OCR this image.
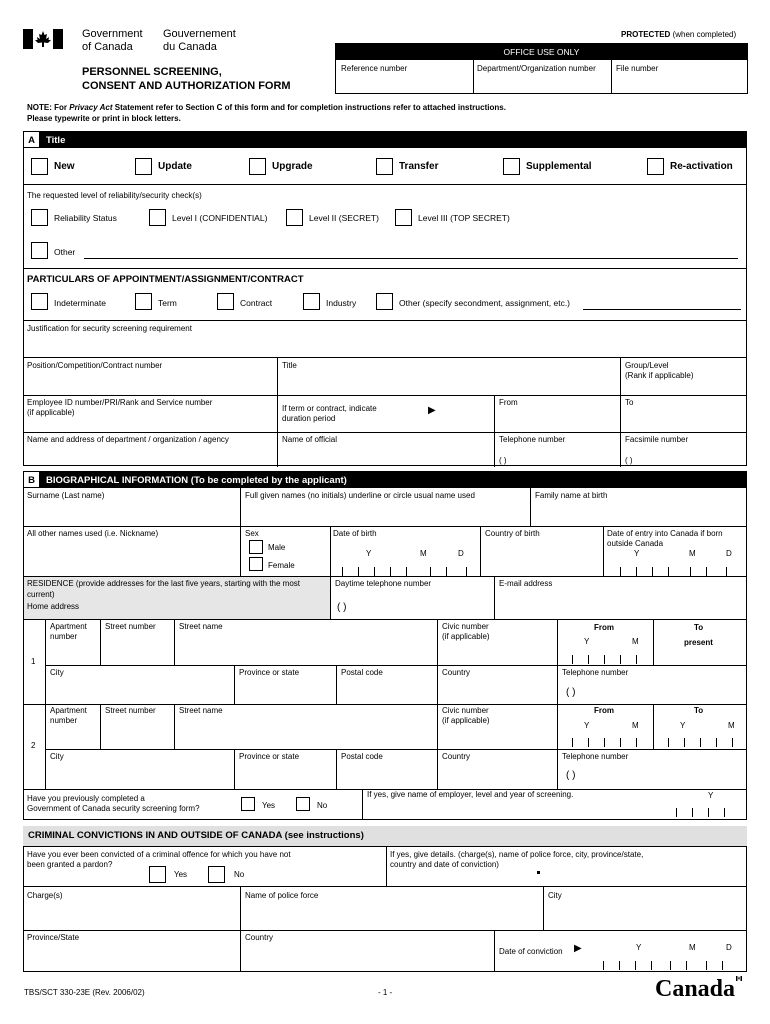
Government
of Canada
Gouvernement
du Canada
PERSONNEL SCREENING,
CONSENT AND AUTHORIZATION FORM
PROTECTED (when completed)
OFFICE USE ONLY
Reference number	Department/Organization number	File number
NOTE: For Privacy Act Statement refer to Section C of this form and for completion instructions refer to attached instructions.
Please typewrite or print in block letters.
A Title
New	Update	Upgrade	Transfer	Supplemental	Re-activation
The requested level of reliability/security check(s)
Reliability Status	Level I (CONFIDENTIAL)	Level II (SECRET)	Level III (TOP SECRET)
Other
PARTICULARS OF APPOINTMENT/ASSIGNMENT/CONTRACT
Indeterminate	Term	Contract	Industry	Other (specify secondment, assignment, etc.)
Justification for security screening requirement
Position/Competition/Contract number	Title	Group/Level
(Rank if applicable)
Employee ID number/PRI/Rank and Service number
(if applicable)	If term or contract, indicate
duration period
▶
From	To
Name and address of department / organization / agency	Name of official	Telephone number	Facsimile number
( )	( )
B BIOGRAPHICAL INFORMATION (To be completed by the applicant)
Surname (Last name)	Full given names (no initials) underline or circle usual name used	Family name at birth
All other names used (i.e. Nickname)	Sex
Male
Female
Date of birth
Y	M	D
Country of birth	Date of entry into Canada if born
outside Canada
Y	M	D
RESIDENCE (provide addresses for the last five years, starting with the most
current)
Home address
Daytime telephone number
( )
E-mail address
1
Apartment
number
Street number	Street name	Civic number
(if applicable)
From
Y	M
To
present
City	Province or state	Postal code	Country	Telephone number
( )
2
Apartment
number
Street number	Street name	Civic number
(if applicable)
From
Y	M
To
Y	M
City	Province or state	Postal code	Country	Telephone number
( )
Have you previously completed a
Government of Canada security screening form?	Yes	No
If yes, give name of employer, level and year of screening.	Y
CRIMINAL CONVICTIONS IN AND OUTSIDE OF CANADA (see instructions)
Have you ever been convicted of a criminal offence for which you have not
been granted a pardon?
Yes	No
If yes, give details. (charge(s), name of police force, city, province/state,
country and date of conviction)
Charge(s)	Name of police force	City
Province/State	Country
Date of conviction ▶	Y	M	D
TBS/SCT 330-23E (Rev. 2006/02)	- 1 -	Canada
